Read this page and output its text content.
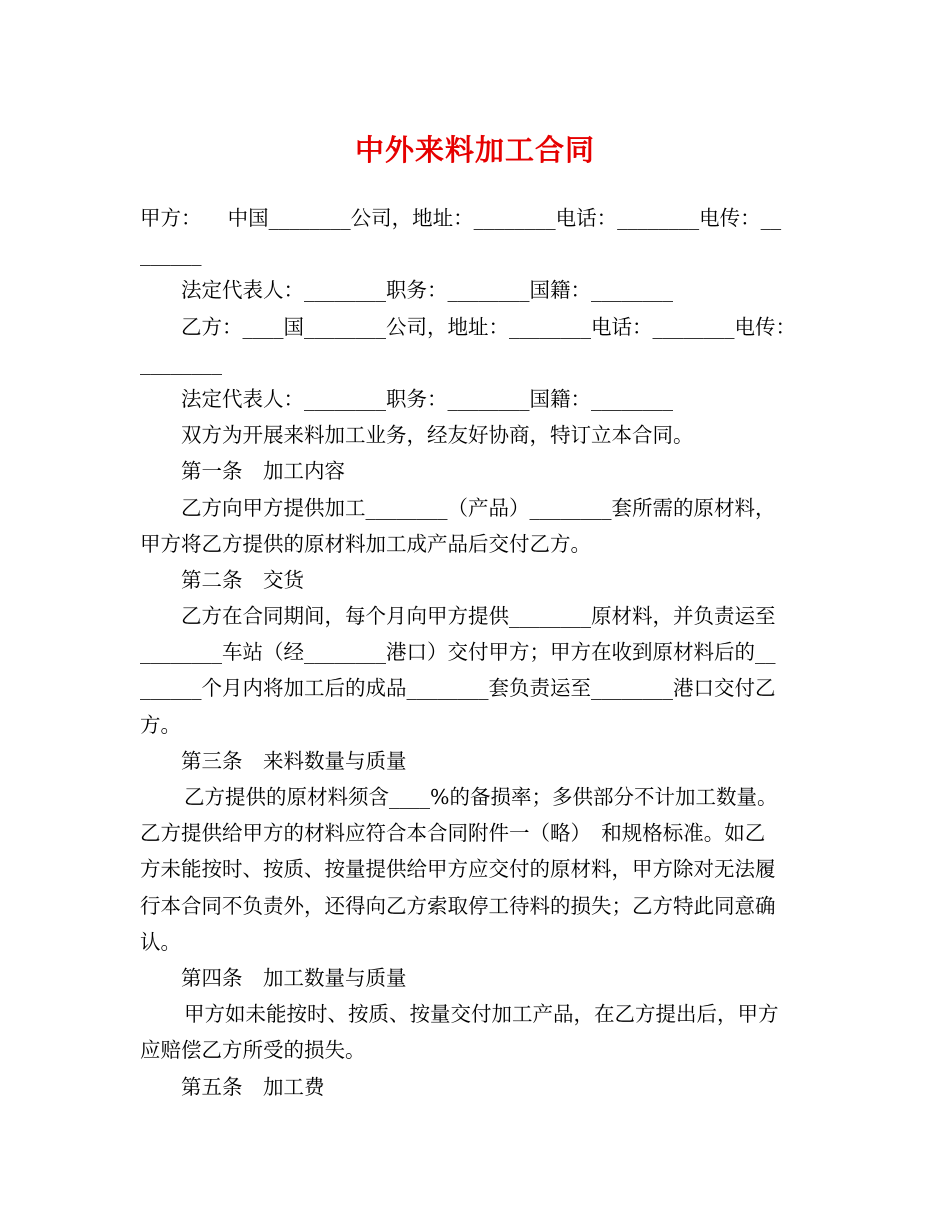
中外来料加工合同
甲方：    中国________公司，地址：________电话：________电传：__
______
法定代表人：________职务：________国籍：________
乙方：____国________公司，地址：________电话：________电传：
________
法定代表人：________职务：________国籍：________
双方为开展来料加工业务，经友好协商，特订立本合同。
第一条　加工内容
乙方向甲方提供加工________（产品）________套所需的原材料，
甲方将乙方提供的原材料加工成产品后交付乙方。
第二条　交货
乙方在合同期间，每个月向甲方提供________原材料，并负责运至
________车站（经________港口）交付甲方；甲方在收到原材料后的__
______个月内将加工后的成品________套负责运至________港口交付乙
方。
第三条　来料数量与质量
乙方提供的原材料须含____%的备损率；多供部分不计加工数量。
乙方提供给甲方的材料应符合本合同附件一（略）　和规格标准。如乙
方未能按时、按质、按量提供给甲方应交付的原材料，甲方除对无法履
行本合同不负责外，还得向乙方索取停工待料的损失；乙方特此同意确
认。
第四条　加工数量与质量
甲方如未能按时、按质、按量交付加工产品，在乙方提出后，甲方
应赔偿乙方所受的损失。
第五条　加工费
